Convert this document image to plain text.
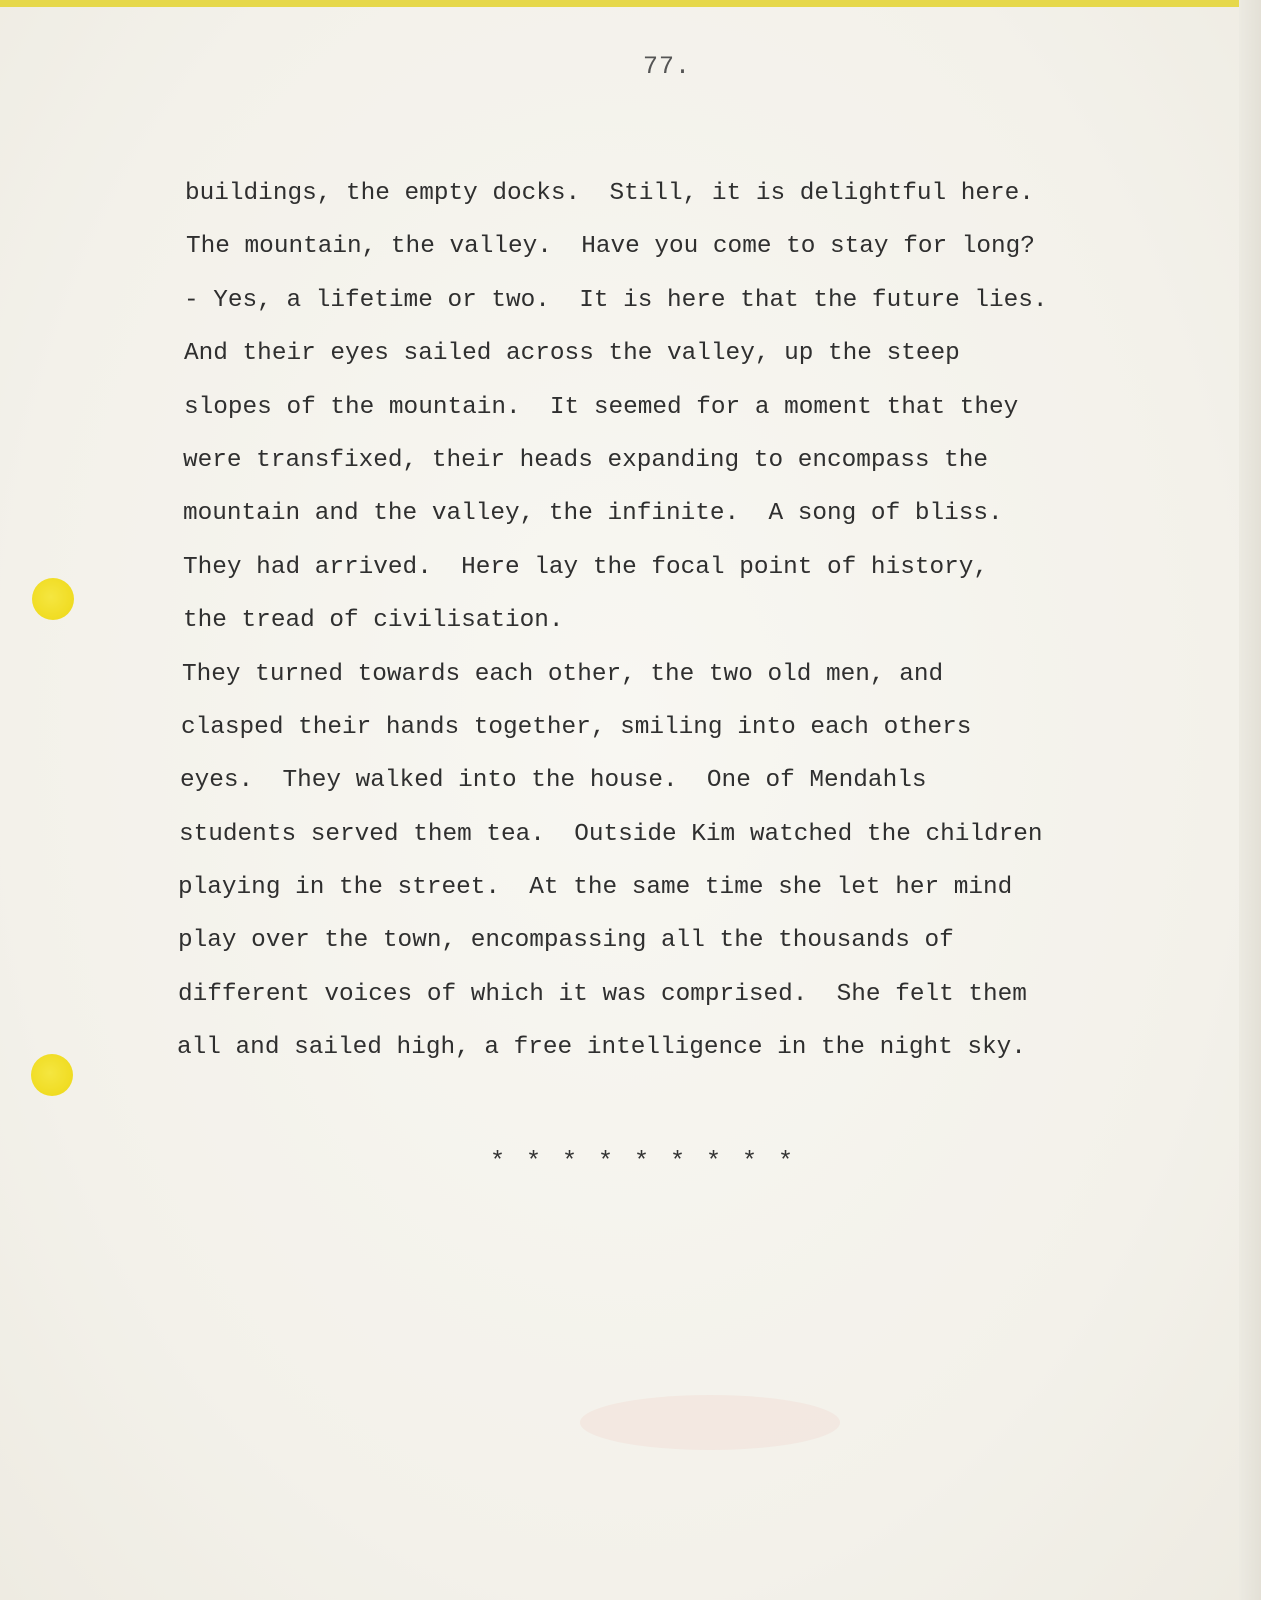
77.
buildings, the empty docks.  Still, it is delightful here.
The mountain, the valley.  Have you come to stay for long?
- Yes, a lifetime or two.  It is here that the future lies.
And their eyes sailed across the valley, up the steep
slopes of the mountain.  It seemed for a moment that they
were transfixed, their heads expanding to encompass the
mountain and the valley, the infinite.  A song of bliss.
They had arrived.  Here lay the focal point of history,
the tread of civilisation.
They turned towards each other, the two old men, and
clasped their hands together, smiling into each others
eyes.  They walked into the house.  One of Mendahls
students served them tea.  Outside Kim watched the children
playing in the street.  At the same time she let her mind
play over the town, encompassing all the thousands of
different voices of which it was comprised.  She felt them
all and sailed high, a free intelligence in the night sky.
* * * * * * * * *
